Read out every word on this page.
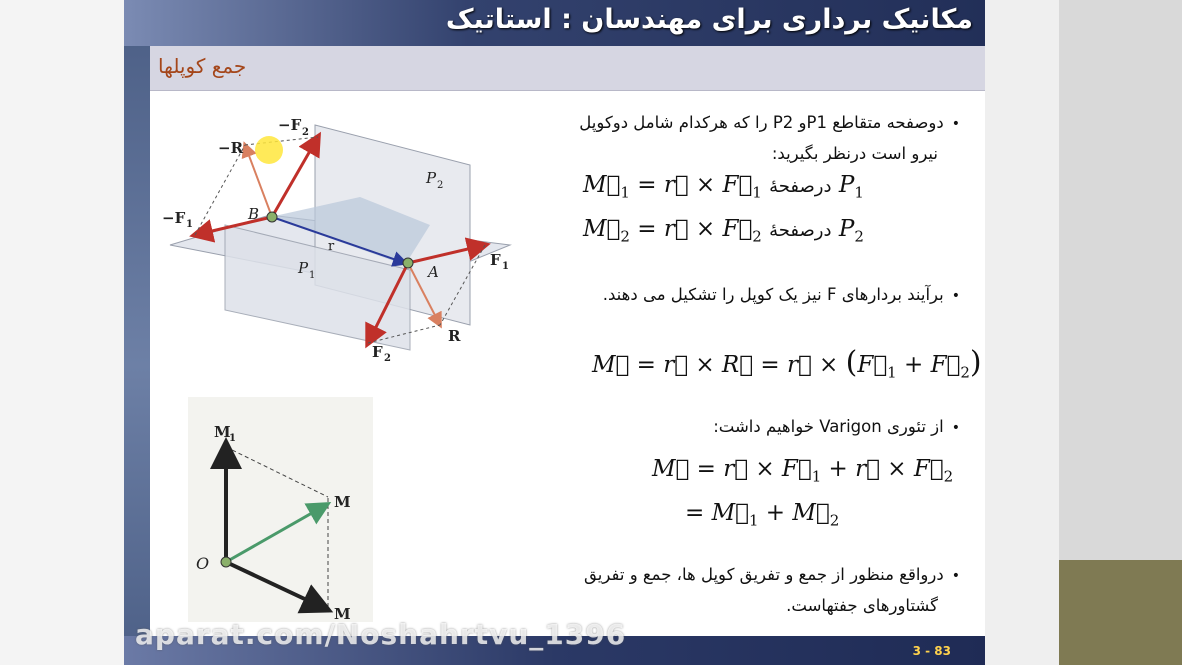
مکانیک برداری برای مهندسان : استاتیک
جمع کوپلها
3 - 83
−F 2
−R
−F 1
B
A
P 2
P 1
r
F 1
F 2
R
M
1
M
O
M
•دوصفحه متقاطع P1و P2 را که هرکدام شامل دوکوپل
نیرو است درنظر بگیرید:
$M⃗_1$ = r⃗ × $F⃗_1$ درصفحهٔ $P_1$
$M⃗_2$ = r⃗ × $F⃗_2$ درصفحهٔ $P_2$
•برآیند بردارهای F نیز یک کوپل را تشکیل می دهند.
M⃗ = r⃗ × R⃗ = r⃗ × ($F⃗_1$ + $F⃗_2$)
•از تئوری Varigon خواهیم داشت:
M⃗ = r⃗ × $F⃗_1$ + r⃗ × $F⃗_2$
= $M⃗_1$ + $M⃗_2$
•درواقع منظور از جمع و تفریق کوپل ها، جمع و تفریق
گشتاورهای جفتهاست.
aparat.com/Noshahrtvu_1396
